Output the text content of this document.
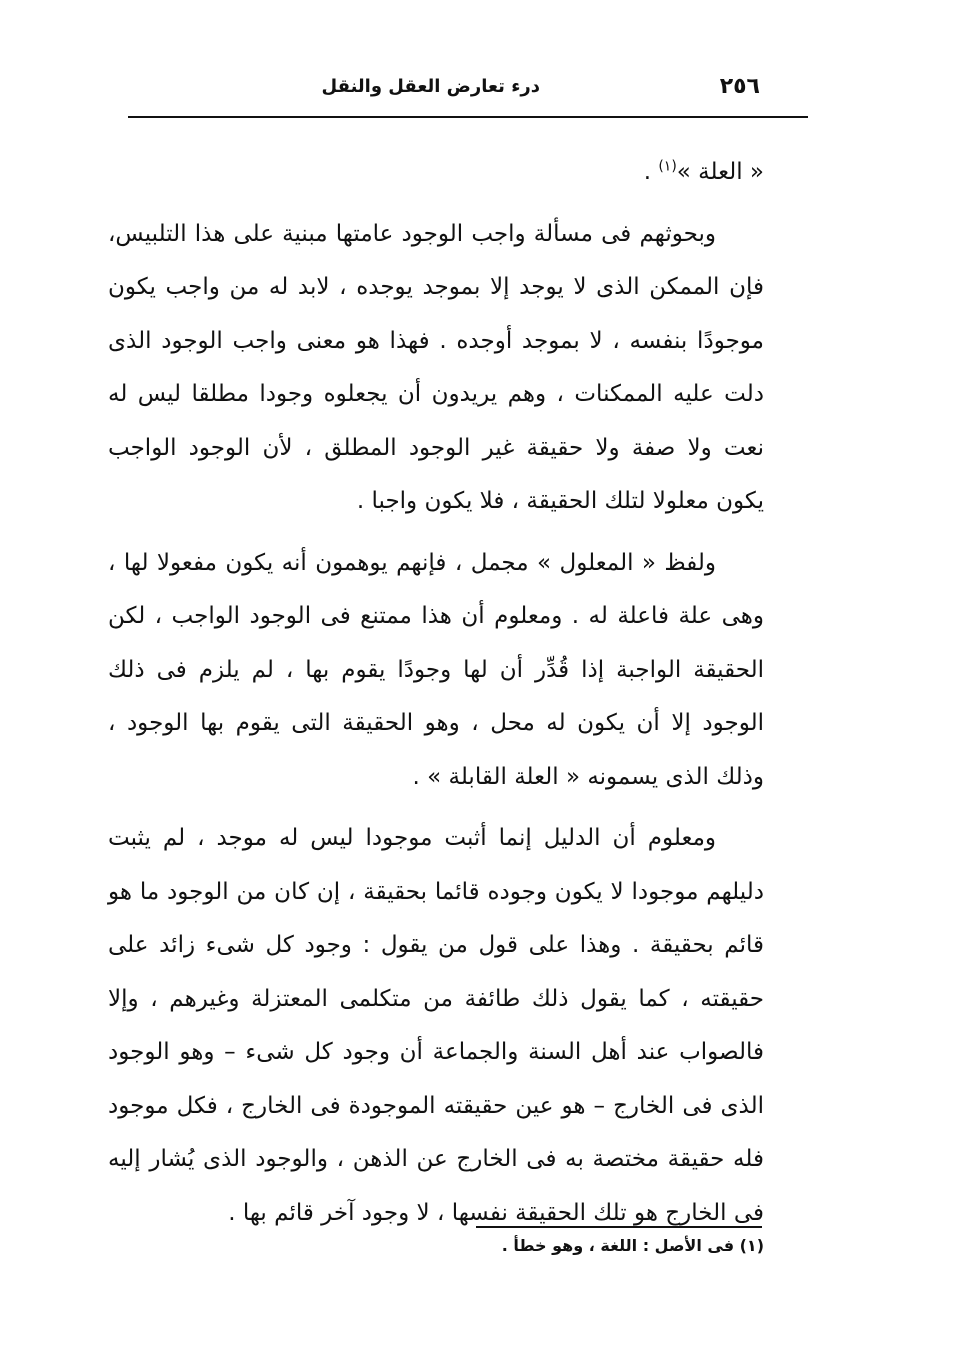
٢٥٦
درء تعارض العقل والنقل

« العلة »$^{(١)}$ .

وبحوثهم فى مسألة واجب الوجود عامتها مبنية على هذا التلبيس، فإن الممكن الذى لا يوجد إلا بموجد يوجده ، لابد له من واجب يكون موجودًا بنفسه ، لا بموجد أوجده . فهذا هو معنى واجب الوجود الذى دلت عليه الممكنات ، وهم يريدون أن يجعلوه وجودا مطلقا ليس له نعت ولا صفة ولا حقيقة غير الوجود المطلق ، لأن الوجود الواجب يكون معلولا لتلك الحقيقة ، فلا يكون واجبا .

ولفظ « المعلول » مجمل ، فإنهم يوهمون أنه يكون مفعولا لها ، وهى علة فاعلة له . ومعلوم أن هذا ممتنع فى الوجود الواجب ، لكن الحقيقة الواجبة إذا قُدِّر أن لها وجودًا يقوم بها ، لم يلزم فى ذلك الوجود إلا أن يكون له محل ، وهو الحقيقة التى يقوم بها الوجود ، وذلك الذى يسمونه « العلة القابلة » .

ومعلوم أن الدليل إنما أثبت موجودا ليس له موجد ، لم يثبت دليلهم موجودا لا يكون وجوده قائما بحقيقة ، إن كان من الوجود ما هو قائم بحقيقة . وهذا على قول من يقول : وجود كل شىء زائد على حقيقته ، كما يقول ذلك طائفة من متكلمى المعتزلة وغيرهم ، وإلا فالصواب عند أهل السنة والجماعة أن وجود كل شىء – وهو الوجود الذى فى الخارج – هو عين حقيقته الموجودة فى الخارج ، فكل موجود فله حقيقة مختصة به فى الخارج عن الذهن ، والوجود الذى يُشار إليه فى الخارج هو تلك الحقيقة نفسها ، لا وجود آخر قائم بها .

(١) فى الأصل : اللغة ، وهو خطأ .
